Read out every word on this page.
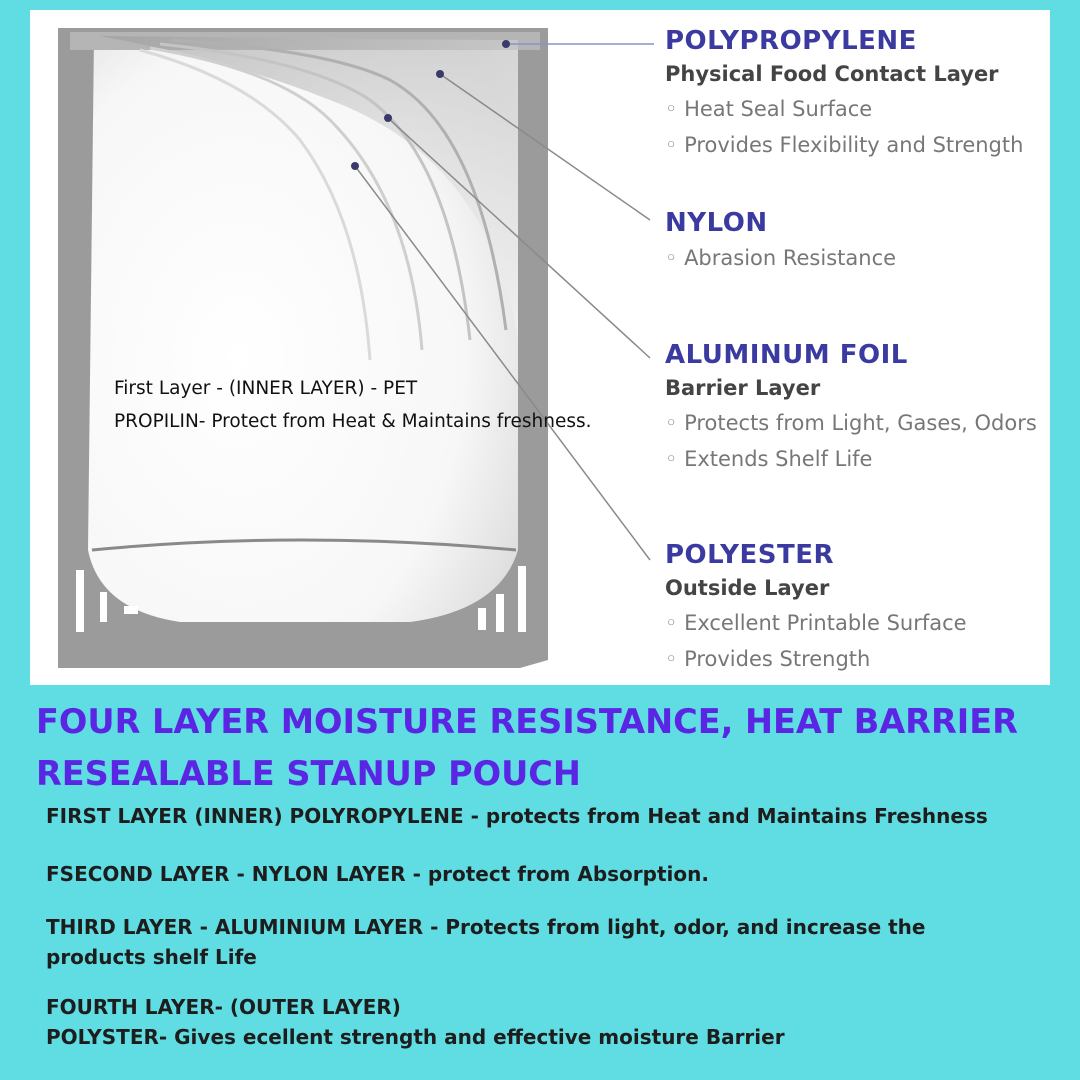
First Layer - (INNER LAYER) - PET
PROPILIN- Protect from Heat & Maintains freshness.
POLYPROPYLENE
Physical Food Contact Layer
◦ Heat Seal Surface
◦ Provides Flexibility and Strength
NYLON
◦ Abrasion Resistance
ALUMINUM FOIL
Barrier Layer
◦ Protects from Light, Gases, Odors
◦ Extends Shelf Life
POLYESTER
Outside Layer
◦ Excellent Printable Surface
◦ Provides Strength
FOUR LAYER MOISTURE RESISTANCE, HEAT BARRIER
RESEALABLE STANUP POUCH
FIRST LAYER (INNER) POLYROPYLENE - protects from Heat and Maintains Freshness
FSECOND LAYER - NYLON LAYER - protect from Absorption.
THIRD LAYER - ALUMINIUM LAYER - Protects from light, odor, and increase the
products shelf Life
FOURTH LAYER- (OUTER LAYER)
POLYSTER- Gives ecellent strength and effective moisture Barrier
